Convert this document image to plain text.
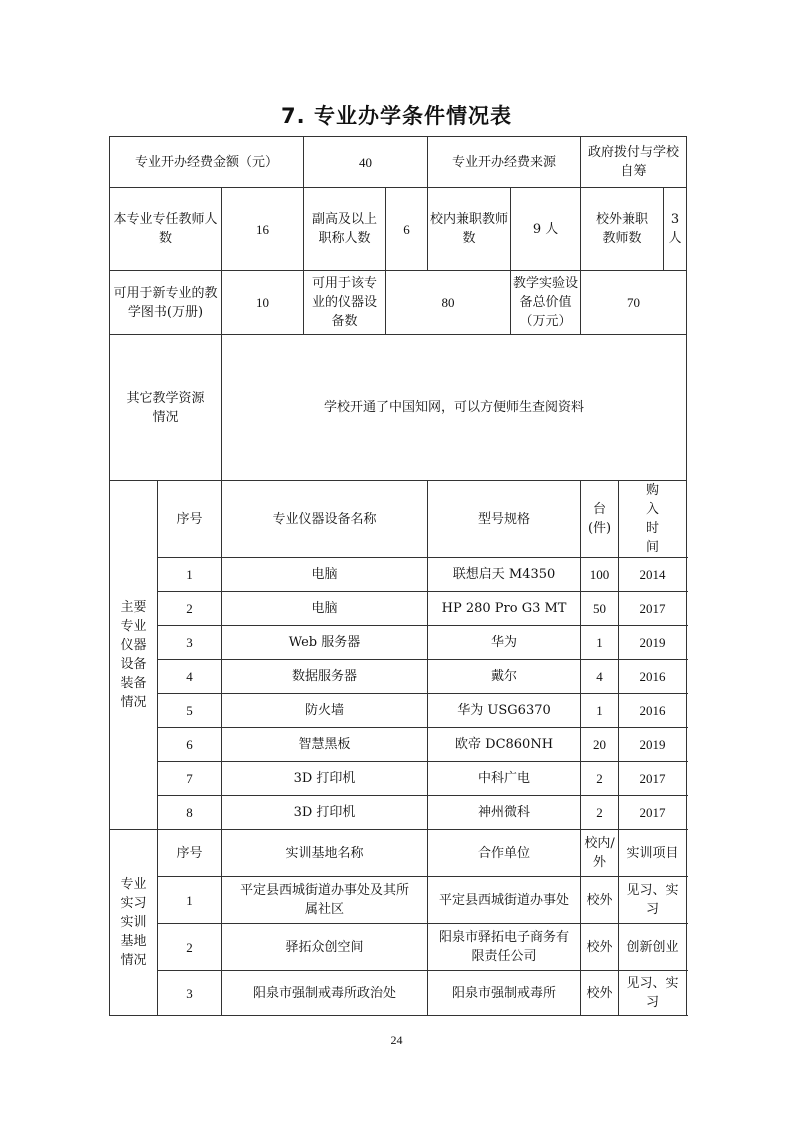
7. 专业办学条件情况表
专业开办经费金额（元）			40		专业开办经费来源		政府拨付与学校自筹		
本专业专任教师人数		16	副高及以上职称人数	6	校内兼职教师数	9 人	校外兼职教师数		3 人
可用于新专业的教学图书(万册)		10	可用于该专业的仪器设备数	80		教学实验设备总价值（万元）	70		
其它教学资源情况		学校开通了中国知网，可以方便师生查阅资料							

主要专业仪器设备装备情况	序号	专业仪器设备名称			型号规格		台(件)	购入时间	
	1	电脑			联想启天 M4350		100	2014	
	2	电脑			HP 280 Pro G3 MT		50	2017	
	3	Web 服务器			华为		1	2019	
	4	数据服务器			戴尔		4	2016	
	5	防火墙			华为 USG6370		1	2016	
	6	智慧黑板			欧帝 DC860NH		20	2019	
	7	3D 打印机			中科广电		2	2017	
	8	3D 打印机			神州微科		2	2017	

专业实习实训基地情况	序号	实训基地名称			合作单位		校内/外	实训项目	
	1	平定县西城街道办事处及其所属社区			平定县西城街道办事处		校外	见习、实习	
	2	驿拓众创空间			阳泉市驿拓电子商务有限责任公司		校外	创新创业	
	3	阳泉市强制戒毒所政治处			阳泉市强制戒毒所		校外	见习、实习	
24
